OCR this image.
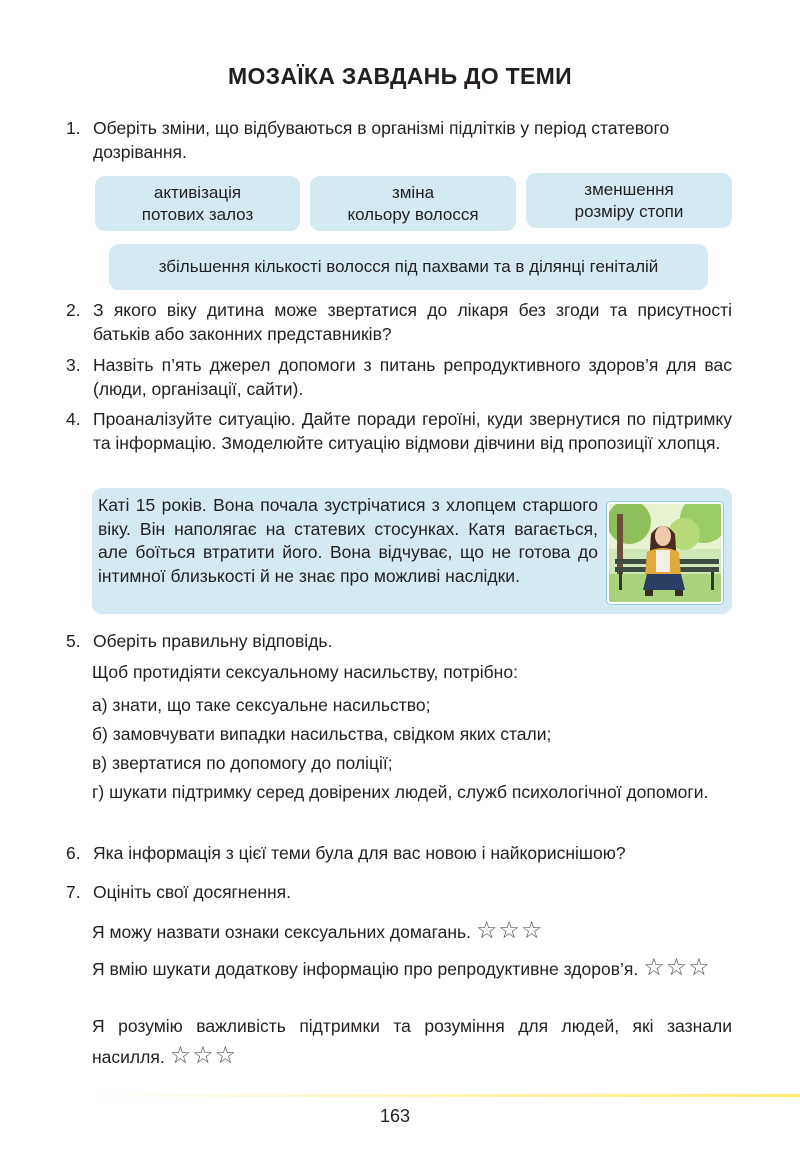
МОЗАЇКА ЗАВДАНЬ ДО ТЕМИ
1. Оберіть зміни, що відбуваються в організмі підлітків у період статевого дозрівання.
активізація
потових залоз
зміна
кольору волосся
зменшення
розміру стопи
збільшення кількості волосся під пахвами та в ділянці геніталій
2. З якого віку дитина може звертатися до лікаря без згоди та присутності батьків або законних представників?
3. Назвіть п’ять джерел допомоги з питань репродуктивного здоров’я для вас (люди, організації, сайти).
4. Проаналізуйте ситуацію. Дайте поради героїні, куди звернутися по підтримку та інформацію. Змоделюйте ситуацію відмови дівчини від пропозиції хлопця.
Каті 15 років. Вона почала зустрічатися з хлопцем старшого віку. Він наполягає на статевих стосунках. Катя вагається, але боїться втратити його. Вона відчуває, що не готова до інтимної близькості й не знає про можливі наслідки.
5. Оберіть правильну відповідь.
Щоб протидіяти сексуальному насильству, потрібно:
а) знати, що таке сексуальне насильство;
б) замовчувати випадки насильства, свідком яких стали;
в) звертатися по допомогу до поліції;
г) шукати підтримку серед довірених людей, служб психологічної допомоги.
6. Яка інформація з цієї теми була для вас новою і найкориснішою?
7. Оцініть свої досягнення.
Я можу назвати ознаки сексуальних домагань. ☆☆☆
Я вмію шукати додаткову інформацію про репродуктивне здоров’я. ☆☆☆
Я розумію важливість підтримки та розуміння для людей, які зазнали насилля. ☆☆☆
163
